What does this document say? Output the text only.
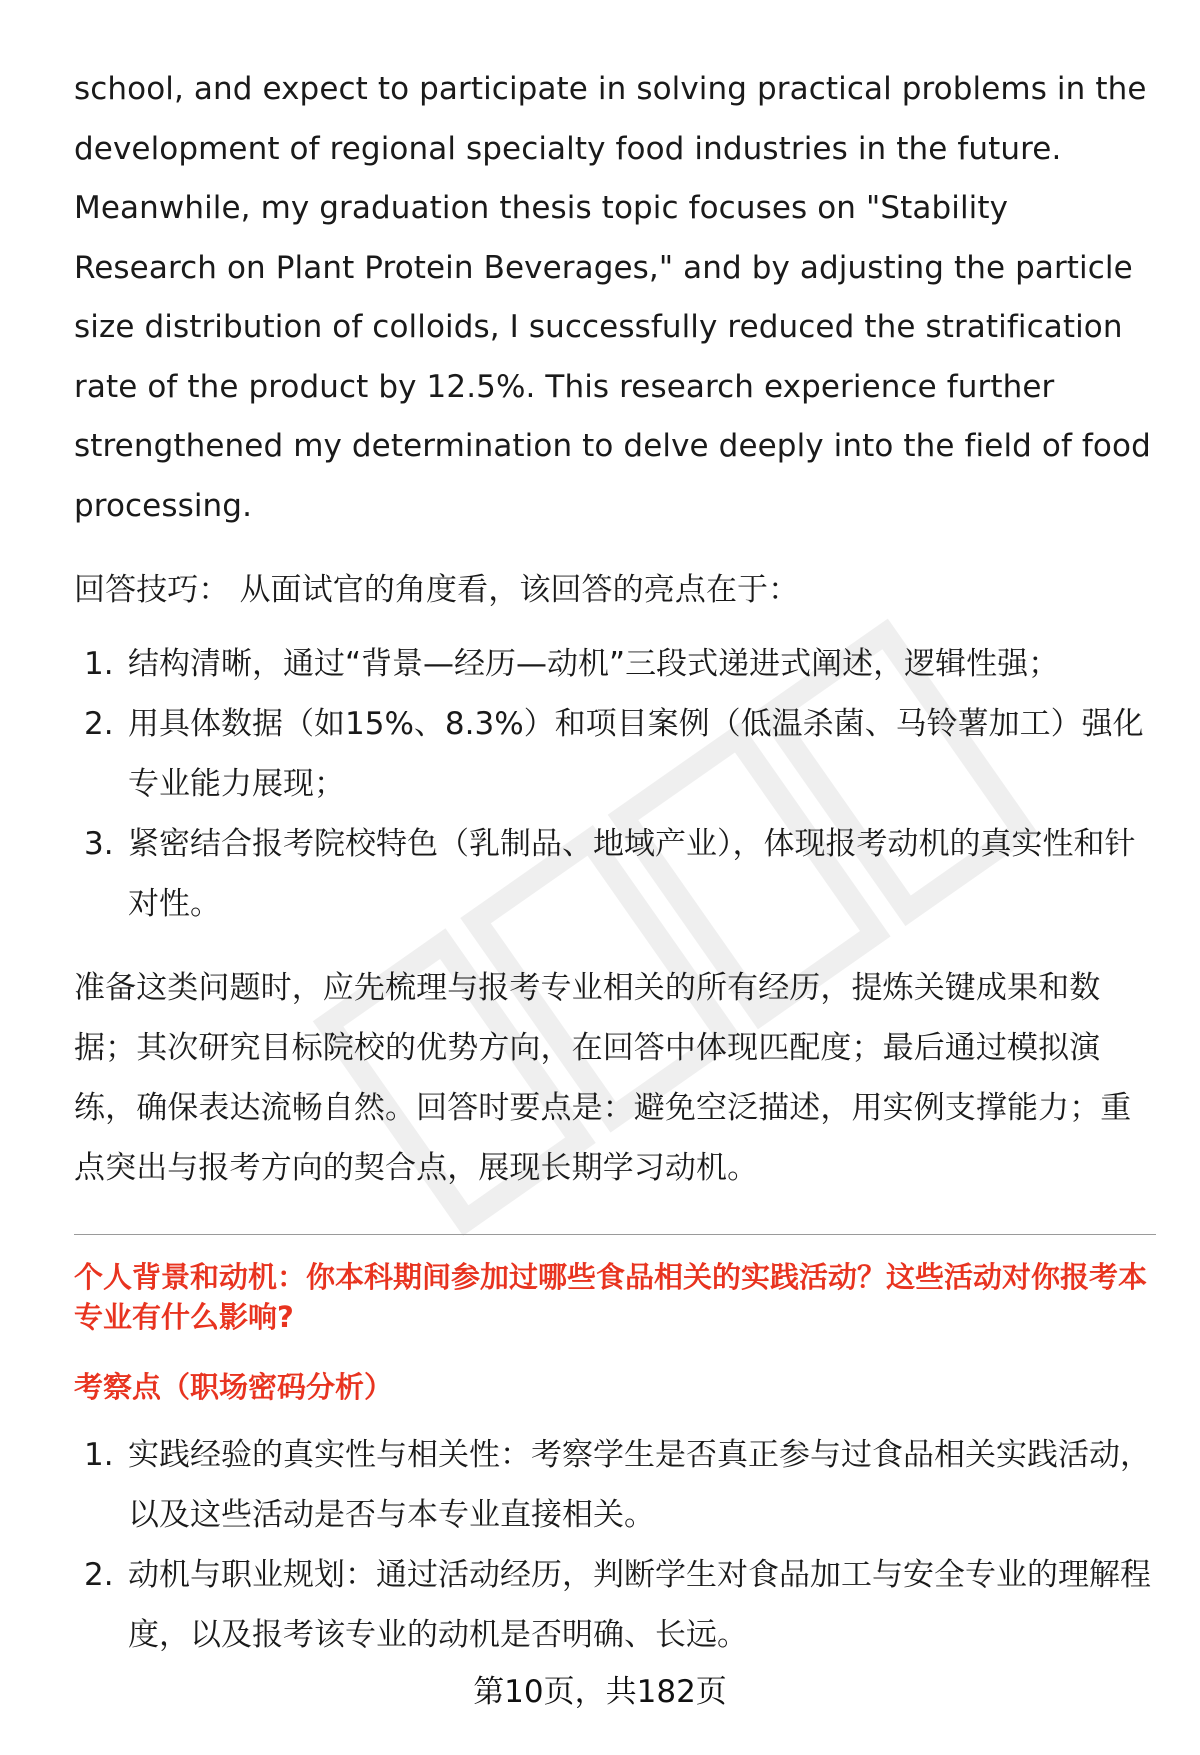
school, and expect to participate in solving practical problems in the development of regional specialty food industries in the future. Meanwhile, my graduation thesis topic focuses on "Stability Research on Plant Protein Beverages," and by adjusting the particle size distribution of colloids, I successfully reduced the stratification rate of the product by 12.5%. This research experience further strengthened my determination to delve deeply into the field of food processing.

回答技巧： 从面试官的角度看，该回答的亮点在于：

1. 结构清晰，通过“背景—经历—动机”三段式递进式阐述，逻辑性强；
2. 用具体数据（如15%、8.3%）和项目案例（低温杀菌、马铃薯加工）强化专业能力展现；
3. 紧密结合报考院校特色（乳制品、地域产业），体现报考动机的真实性和针对性。

准备这类问题时，应先梳理与报考专业相关的所有经历，提炼关键成果和数据；其次研究目标院校的优势方向，在回答中体现匹配度；最后通过模拟演练，确保表达流畅自然。回答时要点是：避免空泛描述，用实例支撑能力；重点突出与报考方向的契合点，展现长期学习动机。

个人背景和动机：你本科期间参加过哪些食品相关的实践活动？这些活动对你报考本专业有什么影响?

考察点（职场密码分析）

1. 实践经验的真实性与相关性：考察学生是否真正参与过食品相关实践活动，以及这些活动是否与本专业直接相关。
2. 动机与职业规划：通过活动经历，判断学生对食品加工与安全专业的理解程度，以及报考该专业的动机是否明确、长远。
第10页，共182页
